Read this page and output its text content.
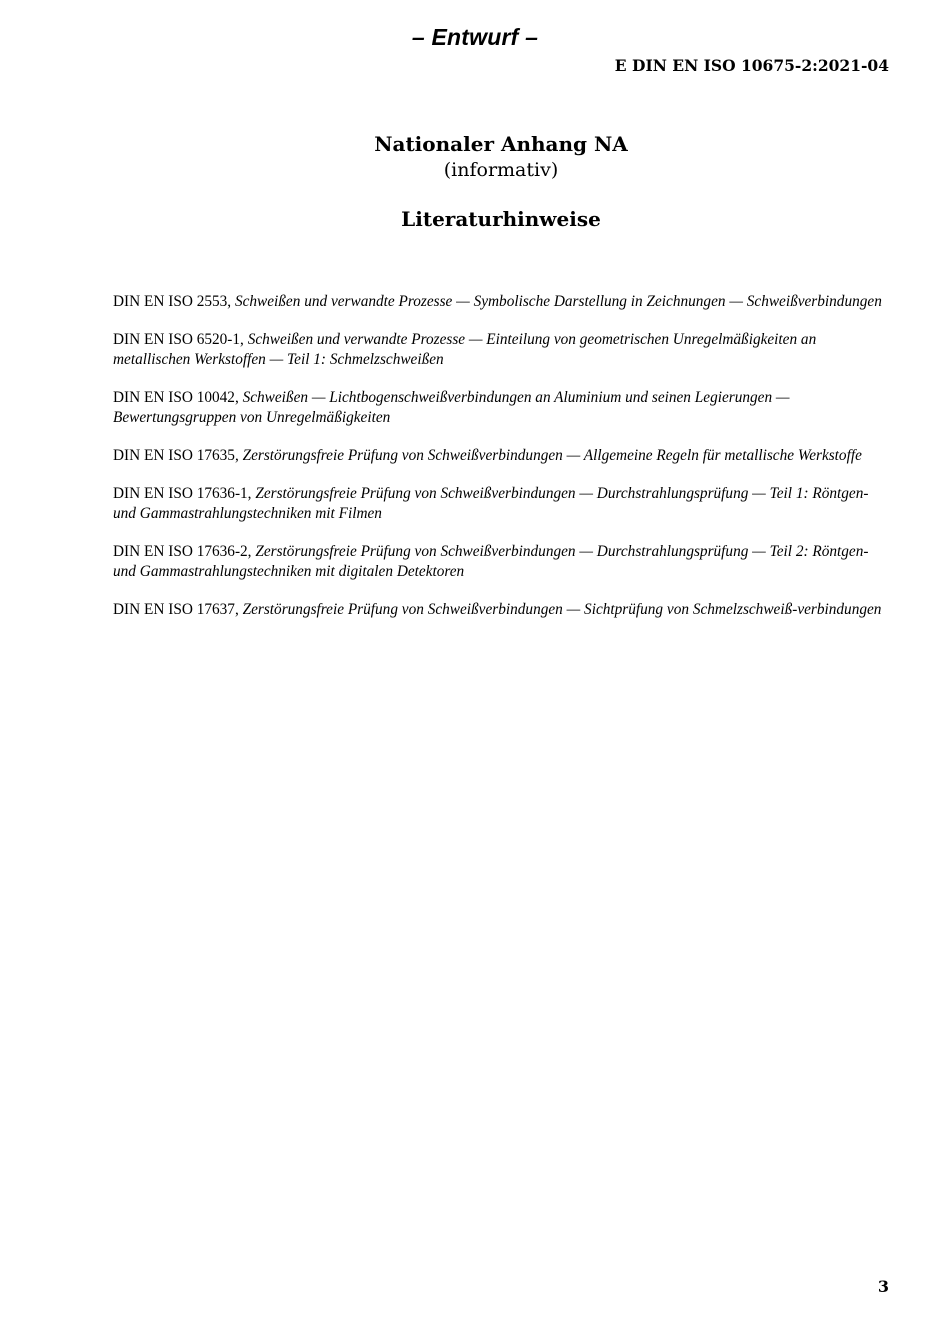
– Entwurf –
E DIN EN ISO 10675-2:2021-04
Nationaler Anhang NA
(informativ)
Literaturhinweise
DIN EN ISO 2553, Schweißen und verwandte Prozesse — Symbolische Darstellung in Zeichnungen — Schweißverbindungen
DIN EN ISO 6520-1, Schweißen und verwandte Prozesse — Einteilung von geometrischen Unregelmäßigkeiten an metallischen Werkstoffen — Teil 1: Schmelzschweißen
DIN EN ISO 10042, Schweißen — Lichtbogenschweißverbindungen an Aluminium und seinen Legierungen — Bewertungsgruppen von Unregelmäßigkeiten
DIN EN ISO 17635, Zerstörungsfreie Prüfung von Schweißverbindungen — Allgemeine Regeln für metallische Werkstoffe
DIN EN ISO 17636-1, Zerstörungsfreie Prüfung von Schweißverbindungen — Durchstrahlungsprüfung — Teil 1: Röntgen- und Gammastrahlungstechniken mit Filmen
DIN EN ISO 17636-2, Zerstörungsfreie Prüfung von Schweißverbindungen — Durchstrahlungsprüfung — Teil 2: Röntgen- und Gammastrahlungstechniken mit digitalen Detektoren
DIN EN ISO 17637, Zerstörungsfreie Prüfung von Schweißverbindungen — Sichtprüfung von Schmelzschweiß-verbindungen
3
